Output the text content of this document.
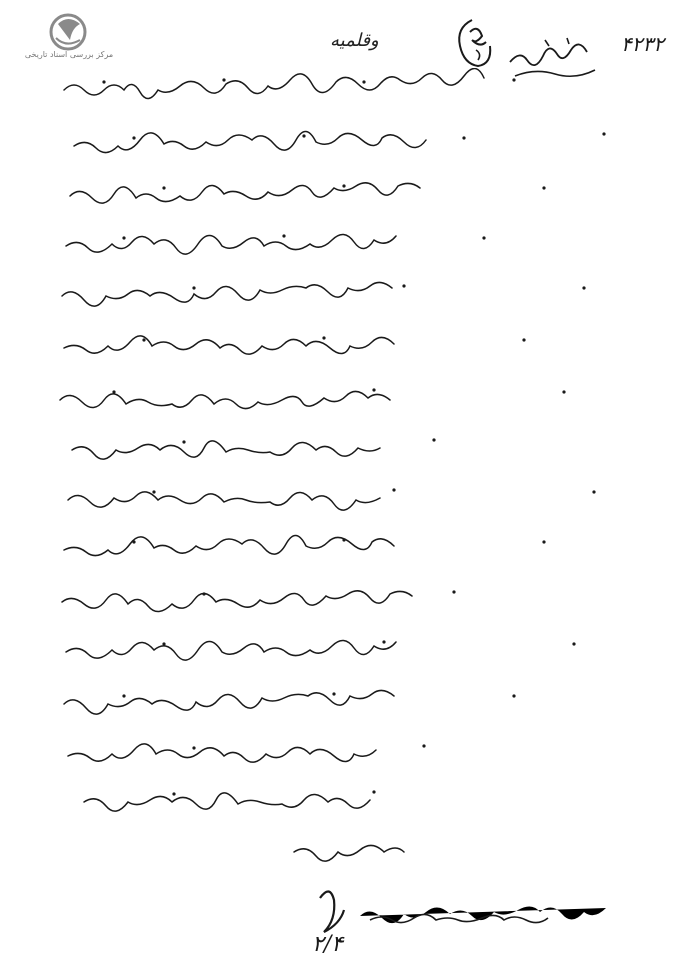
مرکز بررسی اسناد تاریخی
وقلمیه	۴۲۳۲
۲/۴
